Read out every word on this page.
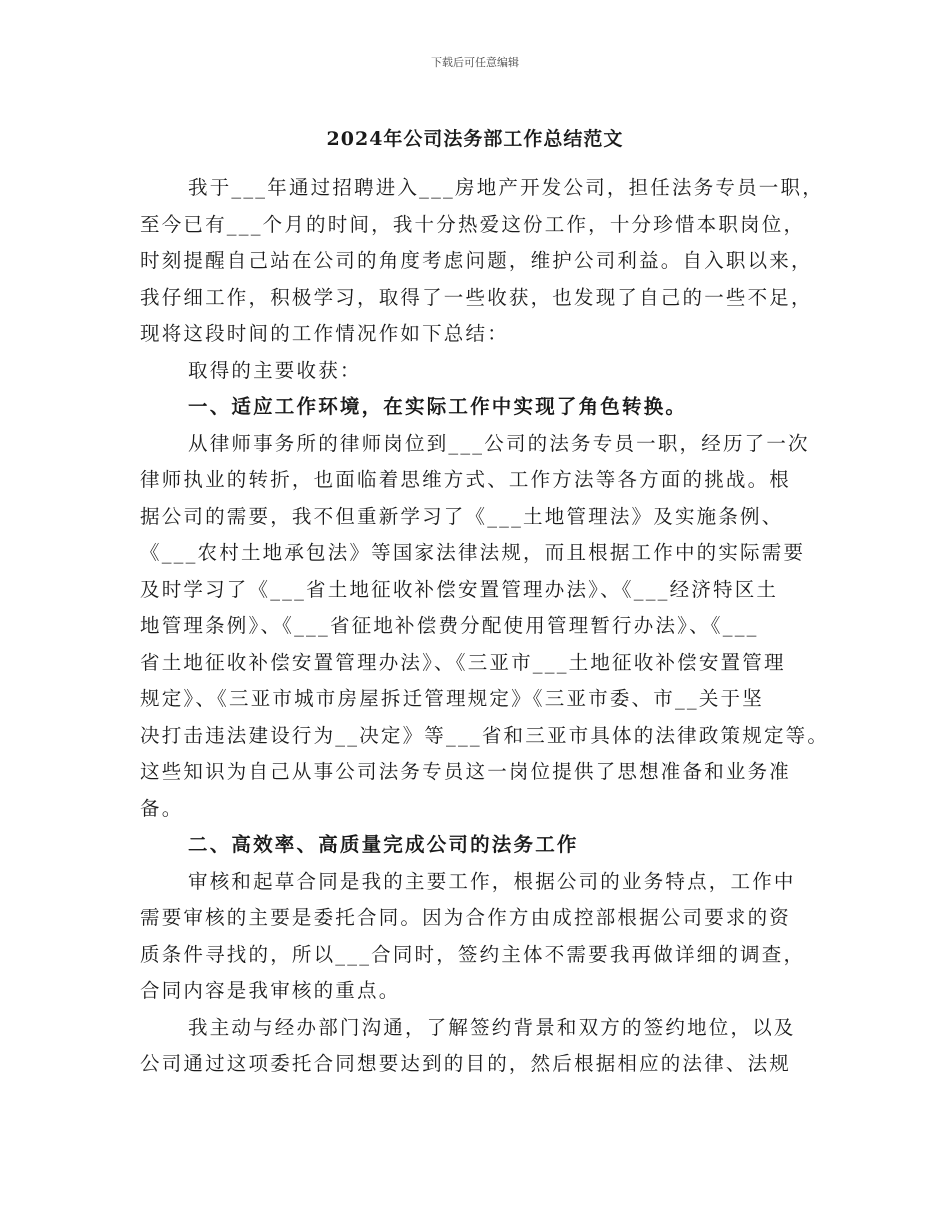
下载后可任意编辑
2024年公司法务部工作总结范文
我于___年通过招聘进入___房地产开发公司，担任法务专员一职，
至今已有___个月的时间，我十分热爱这份工作，十分珍惜本职岗位，
时刻提醒自己站在公司的角度考虑问题，维护公司利益。自入职以来，
我仔细工作，积极学习，取得了一些收获，也发现了自己的一些不足，
现将这段时间的工作情况作如下总结：
取得的主要收获：
一、适应工作环境，在实际工作中实现了角色转换。
从律师事务所的律师岗位到___公司的法务专员一职，经历了一次
律师执业的转折，也面临着思维方式、工作方法等各方面的挑战。根
据公司的需要，我不但重新学习了《___土地管理法》及实施条例、
《___农村土地承包法》等国家法律法规，而且根据工作中的实际需要
及时学习了《___省土地征收补偿安置管理办法》、《___经济特区土
地管理条例》、《___省征地补偿费分配使用管理暂行办法》、《___
省土地征收补偿安置管理办法》、《三亚市___土地征收补偿安置管理
规定》、《三亚市城市房屋拆迁管理规定》《三亚市委、市__关于坚
决打击违法建设行为__决定》等___省和三亚市具体的法律政策规定等。
这些知识为自己从事公司法务专员这一岗位提供了思想准备和业务准
备。
二、高效率、高质量完成公司的法务工作
审核和起草合同是我的主要工作，根据公司的业务特点，工作中
需要审核的主要是委托合同。因为合作方由成控部根据公司要求的资
质条件寻找的，所以___合同时，签约主体不需要我再做详细的调查，
合同内容是我审核的重点。
我主动与经办部门沟通，了解签约背景和双方的签约地位，以及
公司通过这项委托合同想要达到的目的，然后根据相应的法律、法规
